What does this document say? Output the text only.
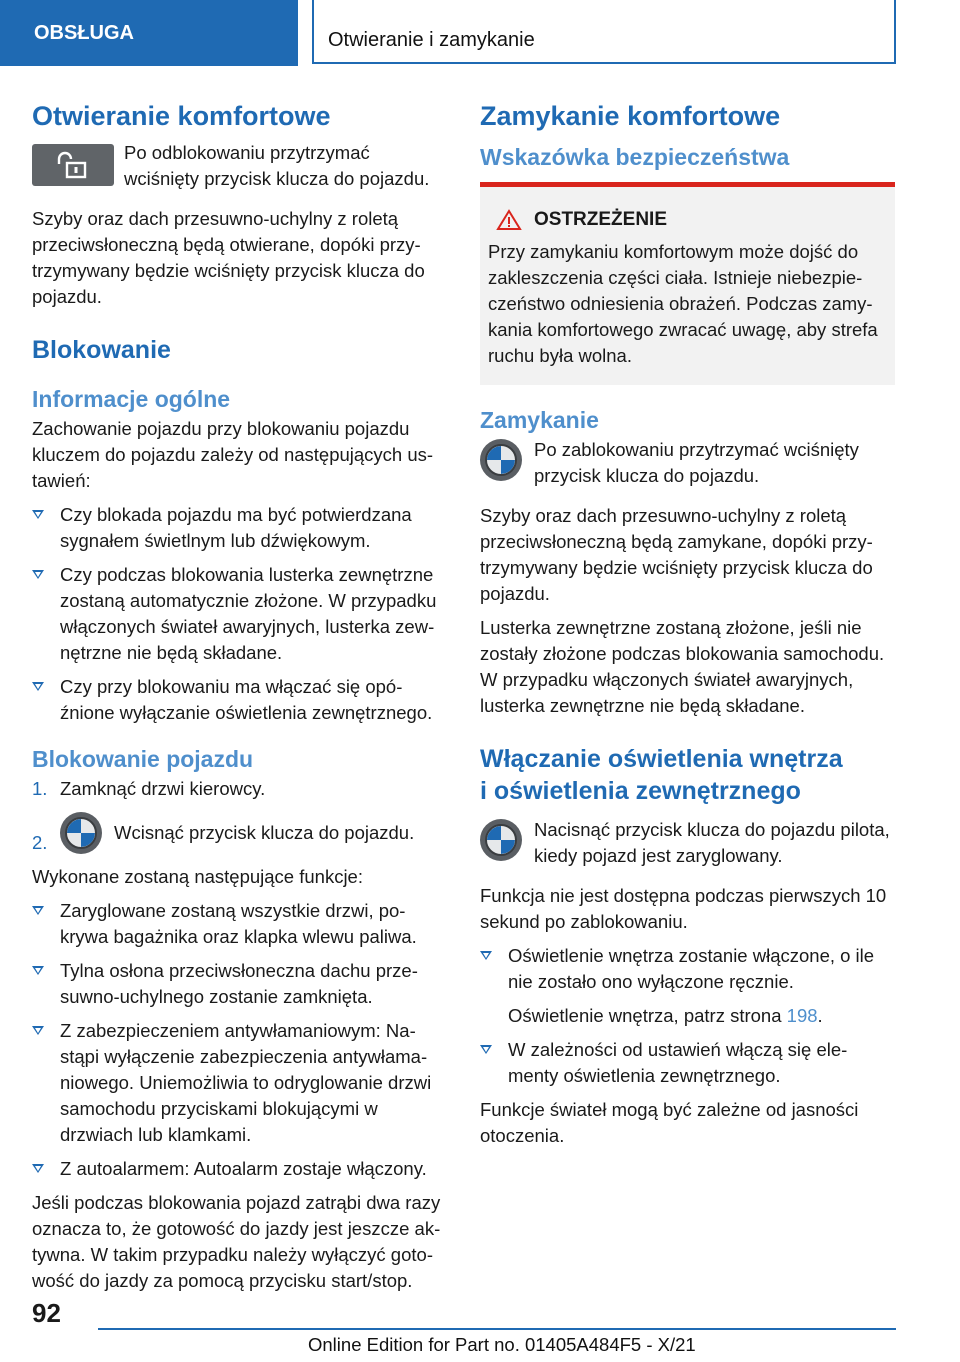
OBSŁUGA	Otwieranie i zamykanie
Otwieranie komfortowe

Po odblokowaniu przytrzymać wciśnięty przycisk klucza do pojazdu.

Szyby oraz dach przesuwno-uchylny z roletą przeciwsłoneczną będą otwierane, dopóki przy-trzymywany będzie wciśnięty przycisk klucza do pojazdu.

Blokowanie
Informacje ogólne

Zachowanie pojazdu przy blokowaniu pojazdu kluczem do pojazdu zależy od następujących us-tawień:

Czy blokada pojazdu ma być potwierdzana sygnałem świetlnym lub dźwiękowym.
Czy podczas blokowania lusterka zewnętrzne zostaną automatycznie złożone. W przypadku włączonych świateł awaryjnych, lusterka zew-nętrzne nie będą składane.
Czy przy blokowaniu ma włączać się opó-źnione wyłączanie oświetlenia zewnętrznego.
Blokowanie pojazdu
1. Zamknąć drzwi kierowcy.
2.	Wcisnąć przycisk klucza do pojazdu.

Wykonane zostaną następujące funkcje:

Zaryglowane zostaną wszystkie drzwi, po-krywa bagażnika oraz klapka wlewu paliwa.
Tylna osłona przeciwsłoneczna dachu prze-suwno-uchylnego zostanie zamknięta.
Z zabezpieczeniem antywłamaniowym: Na-stąpi wyłączenie zabezpieczenia antywłama-niowego. Uniemożliwia to odryglowanie drzwi samochodu przyciskami blokującymi w drzwiach lub klamkami.
Z autoalarmem: Autoalarm zostaje włączony.

Jeśli podczas blokowania pojazd zatrąbi dwa razy oznacza to, że gotowość do jazdy jest jeszcze ak-tywna. W takim przypadku należy wyłączyć goto-wość do jazdy za pomocą przycisku start/stop.

Zamykanie komfortowe
Wskazówka bezpieczeństwa
OSTRZEŻENIE

Przy zamykaniu komfortowym może dojść do zakleszczenia części ciała. Istnieje niebezpie-czeństwo odniesienia obrażeń. Podczas zamy-kania komfortowego zwracać uwagę, aby strefa ruchu była wolna.

Zamykanie

Po zablokowaniu przytrzymać wciśnięty przycisk klucza do pojazdu.

Szyby oraz dach przesuwno-uchylny z roletą przeciwsłoneczną będą zamykane, dopóki przy-trzymywany będzie wciśnięty przycisk klucza do pojazdu.

Lusterka zewnętrzne zostaną złożone, jeśli nie zostały złożone podczas blokowania samochodu. W przypadku włączonych świateł awaryjnych, lusterka zewnętrzne nie będą składane.

Włączanie oświetlenia wnętrza
i oświetlenia zewnętrznego

Nacisnąć przycisk klucza do pojazdu pilota, kiedy pojazd jest zaryglowany.

Funkcja nie jest dostępna podczas pierwszych 10 sekund po zablokowaniu.

Oświetlenie wnętrza zostanie włączone, o ile nie zostało ono wyłączone ręcznie.
Oświetlenie wnętrza, patrz strona 198.
W zależności od ustawień włączą się ele-menty oświetlenia zewnętrznego.

Funkcje świateł mogą być zależne od jasności otoczenia.

92
Online Edition for Part no. 01405A484F5 - X/21
